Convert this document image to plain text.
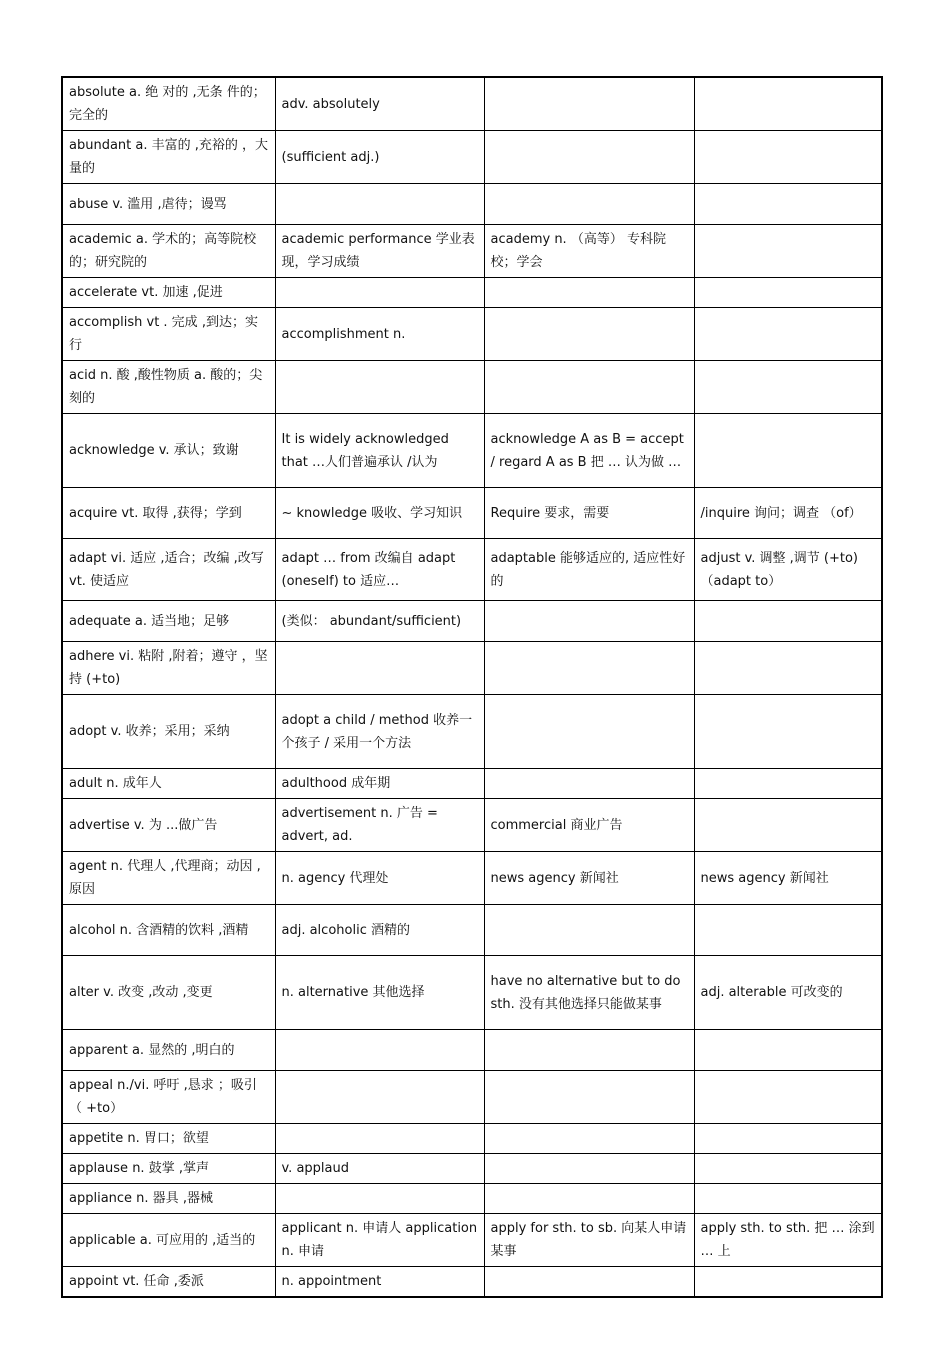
absolute a. 绝 对的 ,无条 件的；完全的	adv. absolutely		
abundant a. 丰富的 ,充裕的 ，大量的	(sufficient adj.)		
abuse v. 滥用 ,虐待；谩骂			
academic a. 学术的；高等院校的；研究院的	academic performance 学业表现，学习成绩	academy n. （高等） 专科院校；学会	
accelerate vt. 加速 ,促进			
accomplish vt . 完成 ,到达；实行	accomplishment n.		
acid n. 酸 ,酸性物质 a. 酸的；尖刻的			
acknowledge v. 承认；致谢	It is widely acknowledged that …人们普遍承认 /认为	acknowledge A as B = accept / regard A as B 把 … 认为做 …	
acquire vt. 取得 ,获得；学到	~ knowledge 吸收、学习知识	Require 要求，需要	/inquire 询问；调查 （of）
adapt vi. 适应 ,适合；改编 ,改写 vt. 使适应	adapt … from 改编自 adapt (oneself) to 适应…	adaptable 能够适应的, 适应性好的	adjust v. 调整 ,调节 (+to) （adapt to）
adequate a. 适当地；足够	(类似： abundant/sufficient)		
adhere vi. 粘附 ,附着；遵守 ，坚持 (+to)			
adopt v. 收养；采用；采纳	adopt a child / method 收养一个孩子 / 采用一个方法		
adult n. 成年人	adulthood 成年期		
advertise v. 为 ...做广告	advertisement n. 广告 = advert, ad.	commercial 商业广告	
agent n. 代理人 ,代理商；动因 ,原因	n. agency 代理处	news agency 新闻社	news agency 新闻社
alcohol n. 含酒精的饮料 ,酒精	adj. alcoholic 酒精的		
alter v. 改变 ,改动 ,变更	n. alternative 其他选择	have no alternative but to do sth. 没有其他选择只能做某事	adj. alterable 可改变的
apparent a. 显然的 ,明白的			
appeal n./vi. 呼吁 ,恳求 ；吸引（ +to）			
appetite n. 胃口；欲望			
applause n. 鼓掌 ,掌声	v. applaud		
appliance n. 器具 ,器械			
applicable a. 可应用的 ,适当的	applicant n. 申请人 application n. 申请	apply for sth. to sb. 向某人申请某事	apply sth. to sth. 把 … 涂到 … 上
appoint vt. 任命 ,委派	n. appointment		
